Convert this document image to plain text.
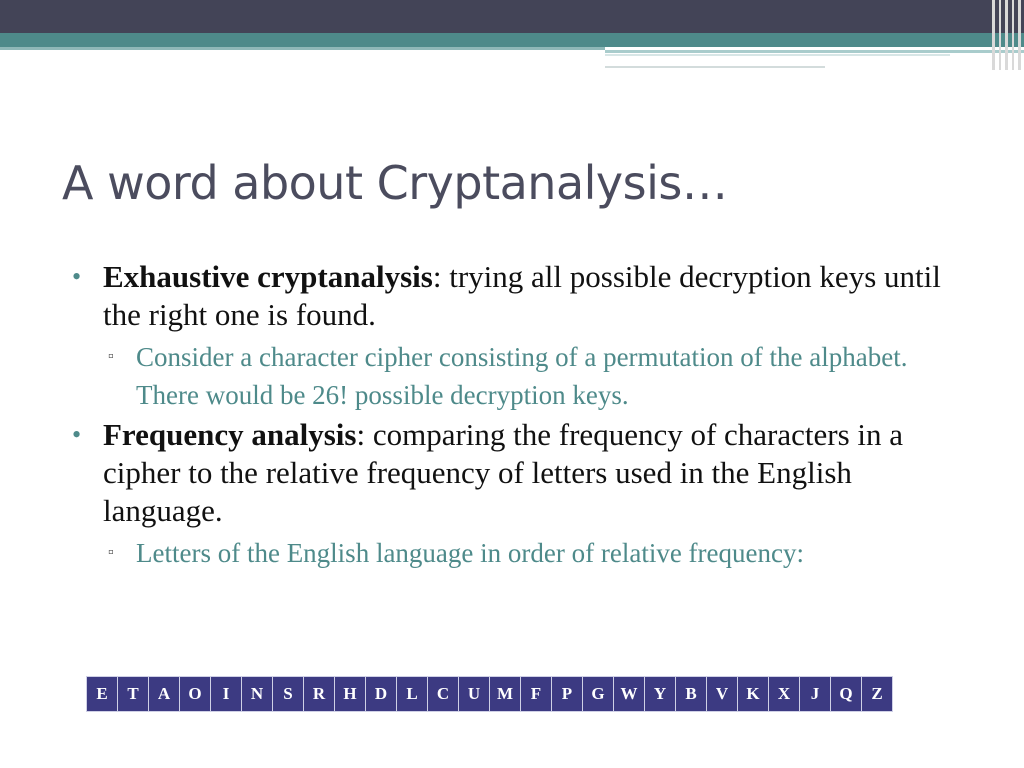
A word about Cryptanalysis…

• Exhaustive cryptanalysis: trying all possible decryption keys until the right one is found.

▫ Consider a character cipher consisting of a permutation of the alphabet. There would be 26! possible decryption keys.

• Frequency analysis: comparing the frequency of characters in a cipher to the relative frequency of letters used in the English language.

▫ Letters of the English language in order of relative frequency:

E	T	A	O	I	N	S	R	H	D	L	C	U	M	F	P	G	W	Y	B	V	K	X	J	Q	Z
